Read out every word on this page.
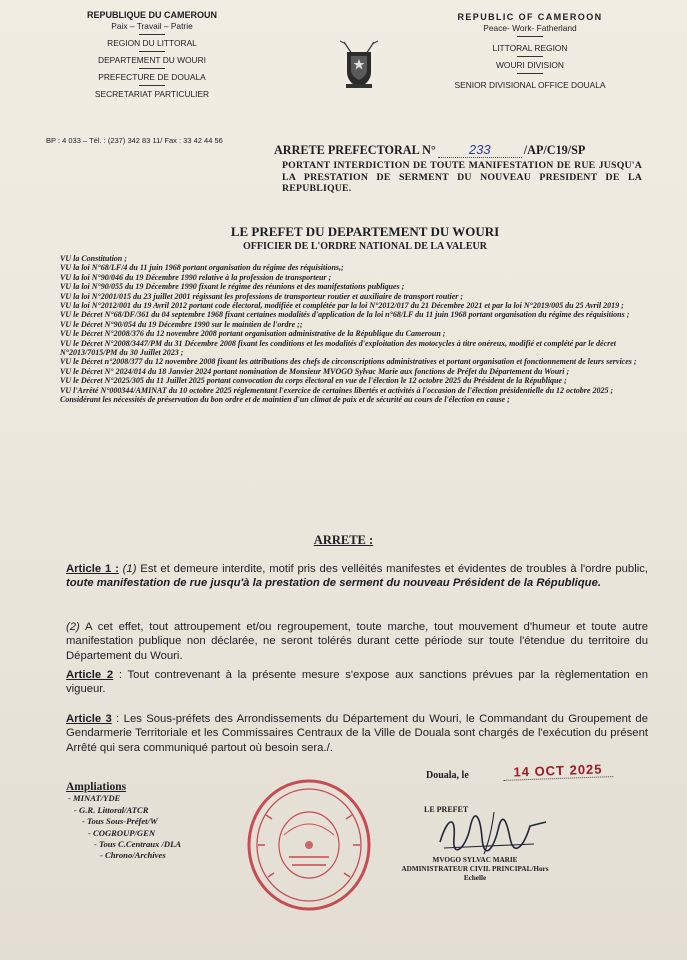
REPUBLIQUE DU CAMEROUN
Paix – Travail – Patrie
REGION DU LITTORAL
DEPARTEMENT DU WOURI
PREFECTURE DE DOUALA
SECRETARIAT PARTICULIER
REPUBLIC OF CAMEROON
Peace- Work- Fatherland
LITTORAL REGION
WOURI DIVISION
SENIOR DIVISIONAL OFFICE DOUALA
BP : 4 033 – Tél. : (237) 342 83 11/ Fax : 33 42 44 56
ARRETE PREFECTORAL N°	233	/AP/C19/SP
PORTANT INTERDICTION DE TOUTE MANIFESTATION DE RUE JUSQU'A LA PRESTATION DE SERMENT DU NOUVEAU PRESIDENT DE LA REPUBLIQUE.
LE PREFET DU DEPARTEMENT DU WOURI
OFFICIER DE L'ORDRE NATIONAL DE LA VALEUR
VU la Constitution ;
VU la loi N°68/LF/4 du 11 juin 1968 portant organisation du régime des réquisitions,;
VU la loi N°90/046 du 19 Décembre 1990 relative à la profession de transporteur ;
VU la loi N°90/055 du 19 Décembre 1990 fixant le régime des réunions et des manifestations publiques ;
VU la loi N°2001/015 du 23 juillet 2001 régissant les professions de transporteur routier et auxiliaire de transport routier ;
VU la loi N°2012/001 du 19 Avril 2012 portant code électoral, modifiée et complétée par la loi N°2012/017 du 21 Décembre 2021 et par la loi N°2019/005 du 25 Avril 2019 ;
VU le Décret N°68/DF/361 du 04 septembre 1968 fixant certaines modalités d'application de la loi n°68/LF du 11 juin 1968 portant organisation du régime des réquisitions ;
VU le Décret N°90/054 du 19 Décembre 1990 sur le maintien de l'ordre ;;
VU le Décret N°2008/376 du 12 novembre 2008 portant organisation administrative de la République du Cameroun ;
VU le Décret N°2008/3447/PM du 31 Décembre 2008 fixant les conditions et les modalités d'exploitation des motocycles à titre onéreux, modifié et complété par le décret N°2013/7015/PM du 30 Juillet 2023 ;
VU le Décret n°2008/377 du 12 novembre 2008 fixant les attributions des chefs de circonscriptions administratives et portant organisation et fonctionnement de leurs services ;
VU le Décret N° 2024/014 du 18 Janvier 2024 portant nomination de Monsieur MVOGO Sylvac Marie aux fonctions de Préfet du Département du Wouri ;
VU le Décret N°2025/305 du 11 Juillet 2025 portant convocation du corps électoral en vue de l'élection le 12 octobre 2025 du Président de la République ;
VU l'Arrêté N°000344/AMINAT du 10 octobre 2025 réglementant l'exercice de certaines libertés et activités à l'occasion de l'élection présidentielle du 12 octobre 2025 ;
Considérant les nécessités de préservation du bon ordre et de maintien d'un climat de paix et de sécurité au cours de l'élection en cause ;
ARRETE :
Article 1 : (1) Est et demeure interdite, motif pris des velléités manifestes et évidentes de troubles à l'ordre public, toute manifestation de rue jusqu'à la prestation de serment du nouveau Président de la République.
(2) A cet effet, tout attroupement et/ou regroupement, toute marche, tout mouvement d'humeur et toute autre manifestation publique non déclarée, ne seront tolérés durant cette période sur toute l'étendue du territoire du Département du Wouri.
Article 2 : Tout contrevenant à la présente mesure s'expose aux sanctions prévues par la règlementation en vigueur.
Article 3 : Les Sous-préfets des Arrondissements du Département du Wouri, le Commandant du Groupement de Gendarmerie Territoriale et les Commissaires Centraux de la Ville de Douala sont chargés de l'exécution du présent Arrêté qui sera communiqué partout où besoin sera./.
Douala, le	14 OCT 2025
Ampliations
- MINAT/YDE
- G.R. Littoral/ATCR
- Tous Sous-Préfet/W
- COGROUP/GEN
- Tous C.Centraux /DLA
- Chrono/Archives
LE PREFET
MVOGO SYLVAC MARIE
ADMINISTRATEUR CIVIL PRINCIPAL/Hors
Echelle
